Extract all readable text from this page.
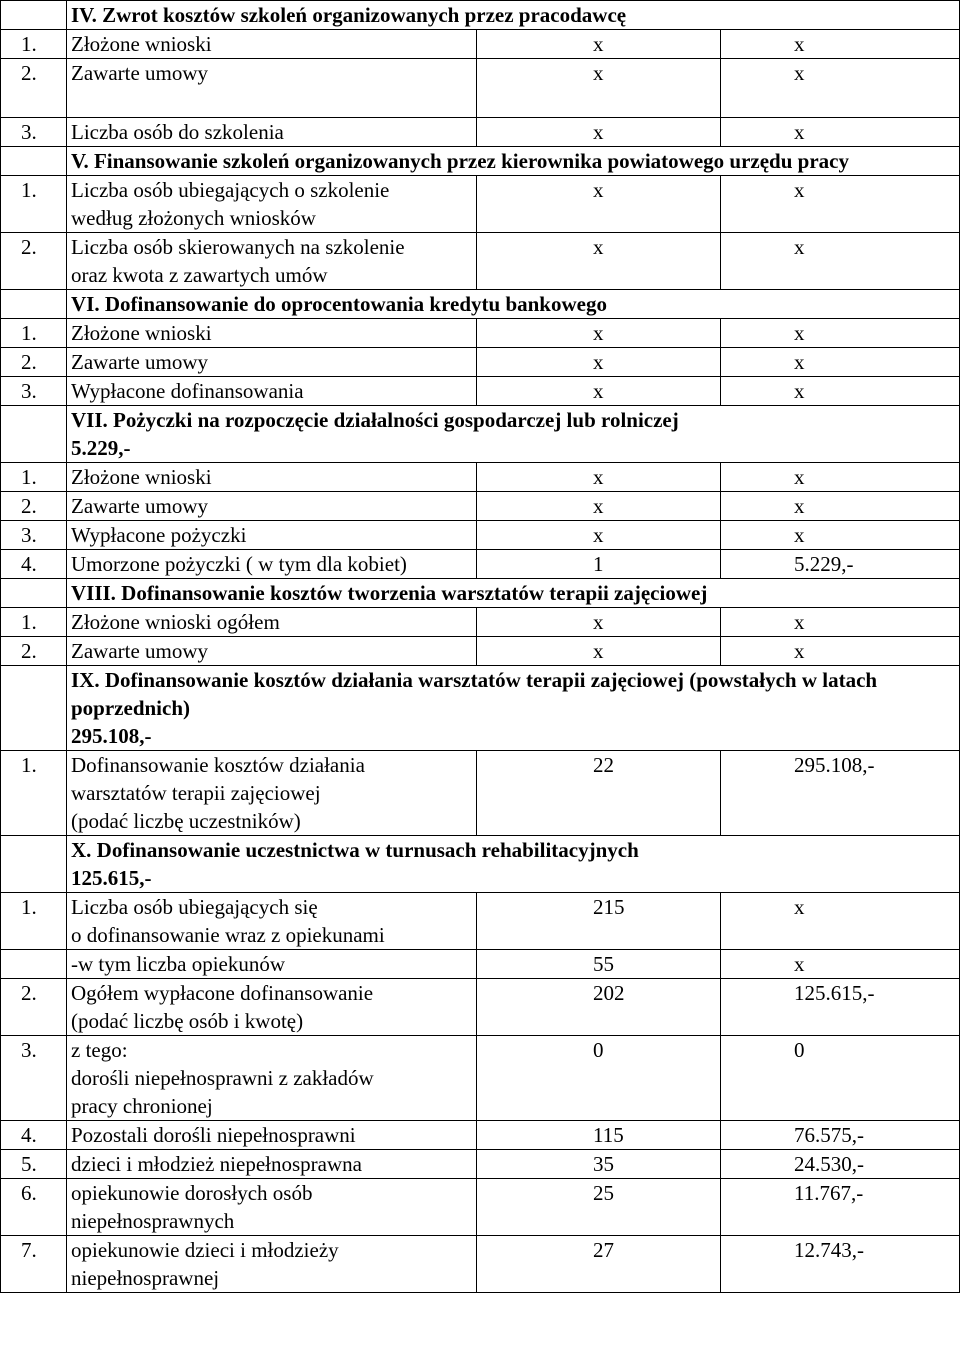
	IV. Zwrot kosztów szkoleń organizowanych przez pracodawcę		

1.	Złożone wnioski	x	x

2.	Zawarte umowy	x	x

3.	Liczba osób do szkolenia	x	x

	V. Finansowanie szkoleń organizowanych przez kierownika powiatowego urzędu pracy		

1.	Liczba osób ubiegających o szkolenie
według złożonych wniosków	x	x

2.	Liczba osób skierowanych na szkolenie
oraz kwota z zawartych umów	x	x

	VI. Dofinansowanie do oprocentowania kredytu bankowego		

1.	Złożone wnioski	x	x

2.	Zawarte umowy	x	x

3.	Wypłacone dofinansowania	x	x

	VII. Pożyczki na rozpoczęcie działalności gospodarczej lub rolniczej
5.229,-		

1.	Złożone wnioski	x	x

2.	Zawarte umowy	x	x

3.	Wypłacone pożyczki	x	x

4.	Umorzone pożyczki ( w tym dla kobiet)	1	5.229,-

	VIII. Dofinansowanie kosztów tworzenia warsztatów terapii zajęciowej		

1.	Złożone wnioski ogółem	x	x

2.	Zawarte umowy	x	x

	IX. Dofinansowanie kosztów działania warsztatów terapii zajęciowej (powstałych w latach poprzednich)
295.108,-		

1.	Dofinansowanie kosztów działania
warsztatów terapii zajęciowej
(podać liczbę uczestników)	22	295.108,-

	X. Dofinansowanie uczestnictwa w turnusach rehabilitacyjnych
125.615,-		

1.	Liczba osób ubiegających się
o dofinansowanie wraz z opiekunami	215	x

	-w tym liczba opiekunów	55	x

2.	Ogółem wypłacone dofinansowanie
(podać liczbę osób i kwotę)	202	125.615,-

3.	z tego:
dorośli niepełnosprawni z zakładów
pracy chronionej	0	0

4.	Pozostali dorośli niepełnosprawni	115	76.575,-

5.	dzieci i młodzież niepełnosprawna	35	24.530,-

6.	opiekunowie dorosłych osób
niepełnosprawnych	25	11.767,-

7.	opiekunowie dzieci i młodzieży
niepełnosprawnej	27	12.743,-
